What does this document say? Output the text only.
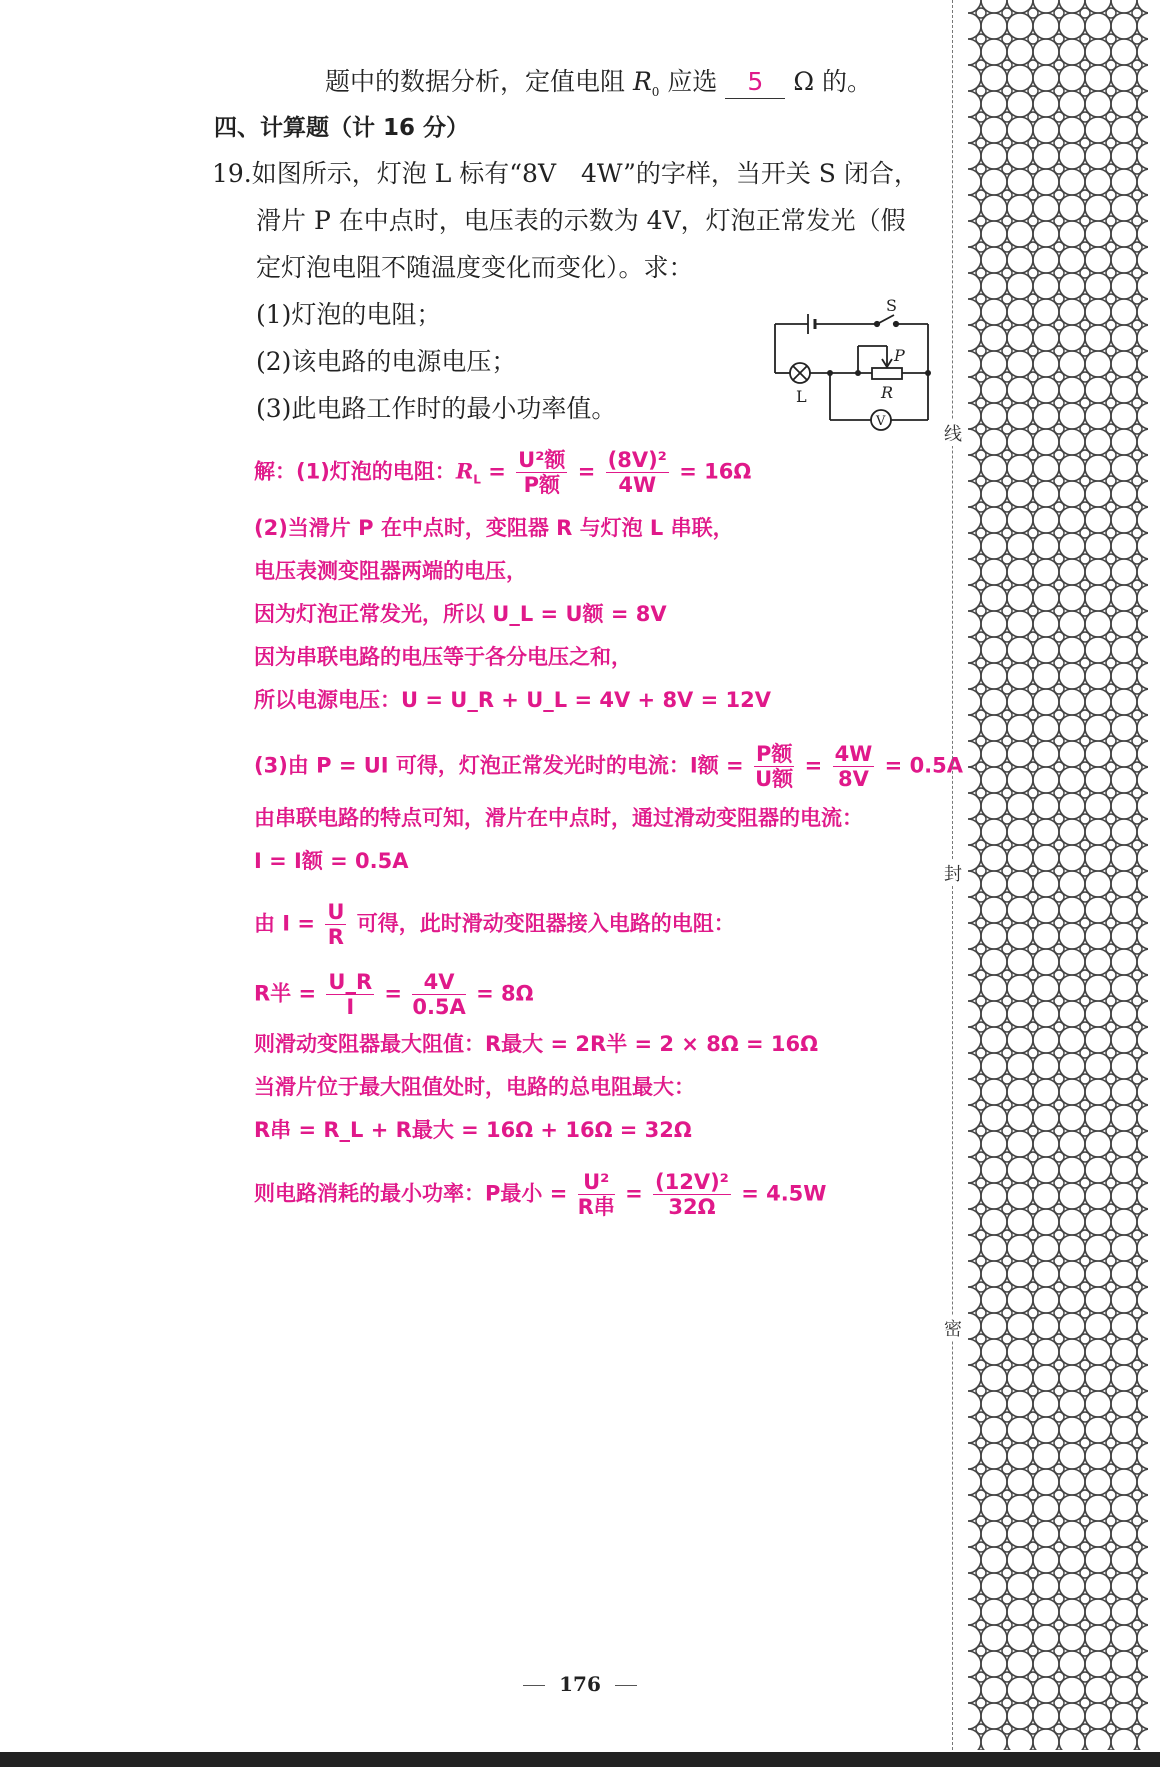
题中的数据分析，定值电阻 $R_0$ 应选 5 Ω 的。
四、计算题（计 16 分）
19.如图所示，灯泡 L 标有“8V　4W”的字样，当开关 S 闭合，
滑片 P 在中点时，电压表的示数为 4V，灯泡正常发光（假
定灯泡电阻不随温度变化而变化）。求：
(1)灯泡的电阻；
(2)该电路的电源电压；
(3)此电路工作时的最小功率值。
S
L
P
R
V
解：(1)灯泡的电阻：$R_L = \frac{\text{U²额}}{\text{P额}} = \frac{\text{(8V)²}}{4W} = 16\Omega$
(2)当滑片 P 在中点时，变阻器 R 与灯泡 L 串联，
电压表测变阻器两端的电压，
因为灯泡正常发光，所以 U_L = U额 = 8V
因为串联电路的电压等于各分电压之和，
所以电源电压：U = U_R + U_L = 4V + 8V = 12V
(3)由 P = UI 可得，灯泡正常发光时的电流：I额 = $\frac{\text{P额}}{\text{U额}} = \frac{4W}{8V} = 0.5A$
由串联电路的特点可知，滑片在中点时，通过滑动变阻器的电流：
I = I额 = 0.5A
由 $I = \frac{U}{R}$ 可得，此时滑动变阻器接入电路的电阻：
R半 = $\frac{U\_R}{I} = \frac{4V}{0.5A} = 8\Omega$
则滑动变阻器最大阻值：R最大 = 2R半 = 2 × 8Ω = 16Ω
当滑片位于最大阻值处时，电路的总电阻最大：
R串 = R_L + R最大 = 16Ω + 16Ω = 32Ω
则电路消耗的最小功率：P最小 = $\frac{\text{U²}}{\text{R串}} = \frac{\text{(12V)²}}{32\Omega} = 4.5W$
线
封
密
176
